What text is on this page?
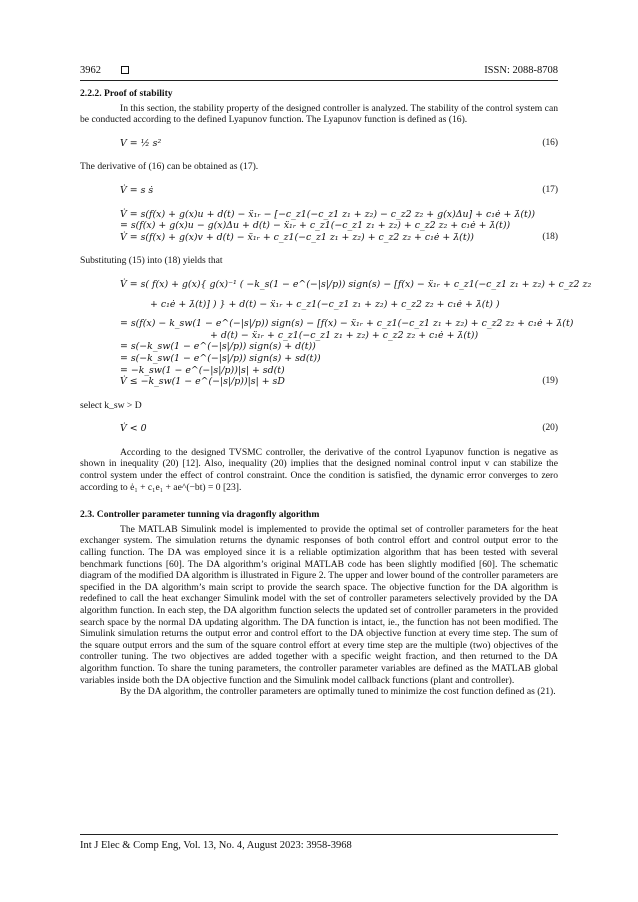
3962	ISSN: 2088-8708

2.2.2. Proof of stability

In this section, the stability property of the designed controller is analyzed. The stability of the control system can be conducted according to the defined Lyapunov function. The Lyapunov function is defined as (16).

V = ½ s²	(16)

The derivative of (16) can be obtained as (17).

V̇ = s ṡ	(17)

V̇ = s(f(x) + g(x)u + d(t) − ẍ₁ᵣ − [−c_z1(−c_z1 z₁ + z₂) − c_z2 z₂ + g(x)Δu] + c₁ė + λ̇(t))

= s(f(x) + g(x)u − g(x)Δu + d(t) − ẍ₁ᵣ + c_z1(−c_z1 z₁ + z₂) + c_z2 z₂ + c₁ė + λ̇(t))

V̇ = s(f(x) + g(x)v + d(t) − ẍ₁ᵣ + c_z1(−c_z1 z₁ + z₂) + c_z2 z₂ + c₁ė + λ̇(t))	(18)

Substituting (15) into (18) yields that

V̇ = s( f(x) + g(x){ g(x)⁻¹ ( −k_s(1 − e^(−|s|/p)) sign(s) − [f(x) − ẍ₁ᵣ + c_z1(−c_z1 z₁ + z₂) + c_z2 z₂

+ c₁ė + λ̇(t)] ) } + d(t) − ẍ₁ᵣ + c_z1(−c_z1 z₁ + z₂) + c_z2 z₂ + c₁ė + λ̇(t) )

= s(f(x) − k_sw(1 − e^(−|s|/p)) sign(s) − [f(x) − ẍ₁ᵣ + c_z1(−c_z1 z₁ + z₂) + c_z2 z₂ + c₁ė + λ̇(t)

+ d(t) − ẍ₁ᵣ + c_z1(−c_z1 z₁ + z₂) + c_z2 z₂ + c₁ė + λ̇(t))

= s(−k_sw(1 − e^(−|s|/p)) sign(s) + d(t))

= s(−k_sw(1 − e^(−|s|/p)) sign(s) + sd(t))

= −k_sw(1 − e^(−|s|/p))|s| + sd(t)

V̇ ≤ −k_sw(1 − e^(−|s|/p))|s| + sD	(19)

select k_sw > D

V̇ < 0	(20)

According to the designed TVSMC controller, the derivative of the control Lyapunov function is negative as shown in inequality (20) [12]. Also, inequality (20) implies that the designed nominal control input v can stabilize the control system under the effect of control constraint. Once the condition is satisfied, the dynamic error converges to zero according to ė₁ + c₁e₁ + ae^(−bt) = 0 [23].

2.3. Controller parameter tunning via dragonfly algorithm

The MATLAB Simulink model is implemented to provide the optimal set of controller parameters for the heat exchanger system. The simulation returns the dynamic responses of both control effort and control output error to the calling function. The DA was employed since it is a reliable optimization algorithm that has been tested with several benchmark functions [60]. The DA algorithm’s original MATLAB code has been slightly modified [60]. The schematic diagram of the modified DA algorithm is illustrated in Figure 2. The upper and lower bound of the controller parameters are specified in the DA algorithm’s main script to provide the search space. The objective function for the DA algorithm is redefined to call the heat exchanger Simulink model with the set of controller parameters selectively provided by the DA algorithm function. In each step, the DA algorithm function selects the updated set of controller parameters in the provided search space by the normal DA updating algorithm. The DA function is intact, ie., the function has not been modified. The Simulink simulation returns the output error and control effort to the DA objective function at every time step. The sum of the square output errors and the sum of the square control effort at every time step are the multiple (two) objectives of the controller tuning. The two objectives are added together with a specific weight fraction, and then returned to the DA algorithm function. To share the tuning parameters, the controller parameter variables are defined as the MATLAB global variables inside both the DA objective function and the Simulink model callback functions (plant and controller).

By the DA algorithm, the controller parameters are optimally tuned to minimize the cost function defined as (21).

Int J Elec & Comp Eng, Vol. 13, No. 4, August 2023: 3958-3968
